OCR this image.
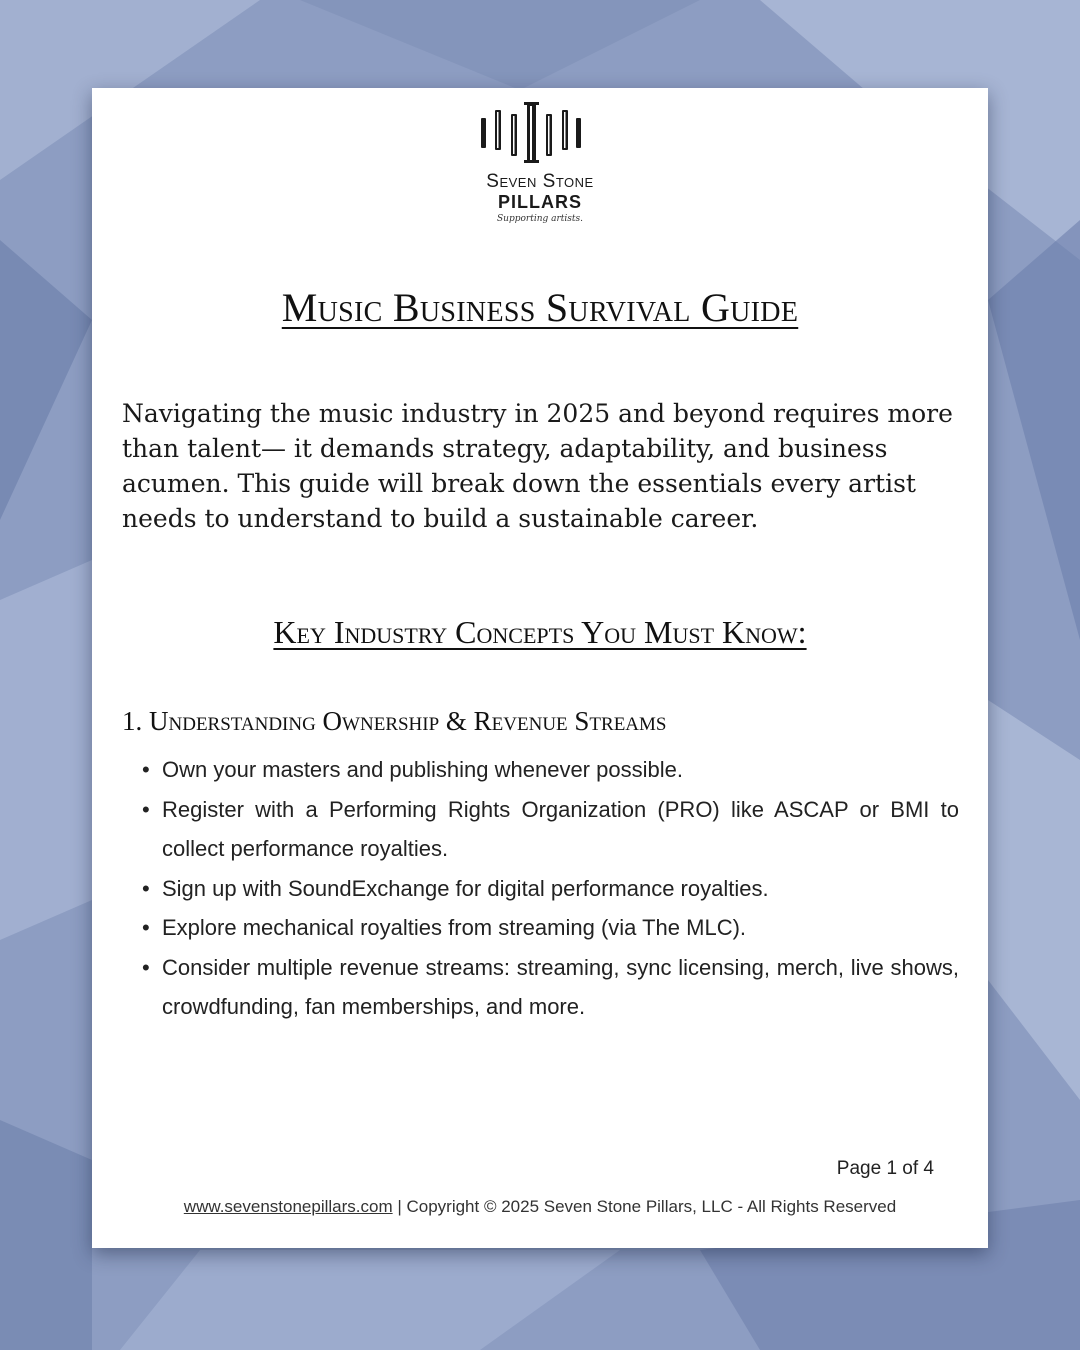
Seven Stone
PILLARS
Supporting artists.
Music Business Survival Guide

Navigating the music industry in 2025 and beyond requires more than talent— it demands strategy, adaptability, and business acumen. This guide will break down the essentials every artist needs to understand to build a sustainable career.

Key Industry Concepts You Must Know:
1. Understanding Ownership & Revenue Streams
• Own your masters and publishing whenever possible.
• Register with a Performing Rights Organization (PRO) like ASCAP or BMI to collect performance royalties.
• Sign up with SoundExchange for digital performance royalties.
• Explore mechanical royalties from streaming (via The MLC).
• Consider multiple revenue streams: streaming, sync licensing, merch, live shows, crowdfunding, fan memberships, and more.
Page 1 of 4
www.sevenstonepillars.com | Copyright © 2025 Seven Stone Pillars, LLC - All Rights Reserved
